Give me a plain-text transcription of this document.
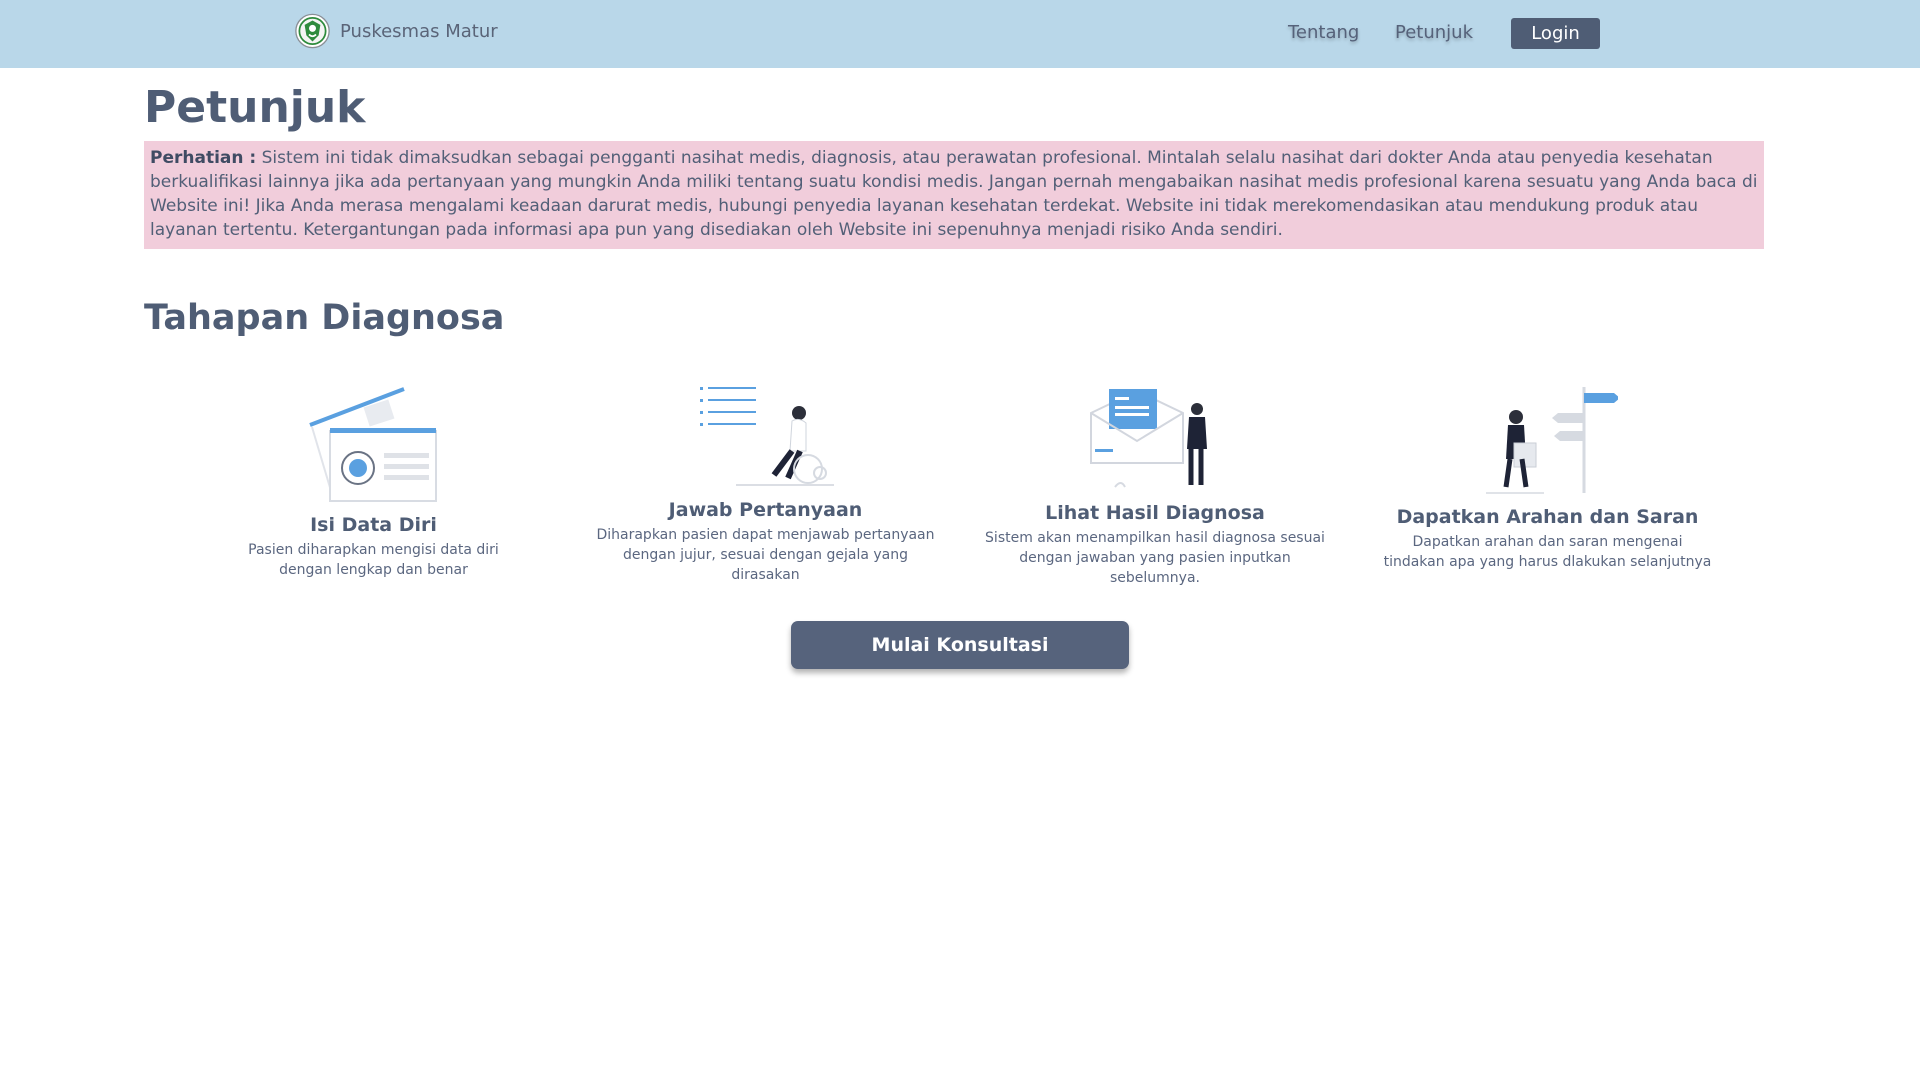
Puskesmas Matur	Tentang Petunjuk	Login
Petunjuk
Perhatian : Sistem ini tidak dimaksudkan sebagai pengganti nasihat medis, diagnosis, atau perawatan profesional. Mintalah selalu nasihat dari dokter Anda atau penyedia kesehatan berkualifikasi lainnya jika ada pertanyaan yang mungkin Anda miliki tentang suatu kondisi medis. Jangan pernah mengabaikan nasihat medis profesional karena sesuatu yang Anda baca di Website ini! Jika Anda merasa mengalami keadaan darurat medis, hubungi penyedia layanan kesehatan terdekat. Website ini tidak merekomendasikan atau mendukung produk atau layanan tertentu. Ketergantungan pada informasi apa pun yang disediakan oleh Website ini sepenuhnya menjadi risiko Anda sendiri.
Tahapan Diagnosa
Isi Data Diri
Pasien diharapkan mengisi data diri dengan lengkap dan benar
Jawab Pertanyaan
Diharapkan pasien dapat menjawab pertanyaan dengan jujur, sesuai dengan gejala yang dirasakan
Lihat Hasil Diagnosa
Sistem akan menampilkan hasil diagnosa sesuai dengan jawaban yang pasien inputkan sebelumnya.
Dapatkan Arahan dan Saran
Dapatkan arahan dan saran mengenai tindakan apa yang harus dlakukan selanjutnya
Mulai Konsultasi
